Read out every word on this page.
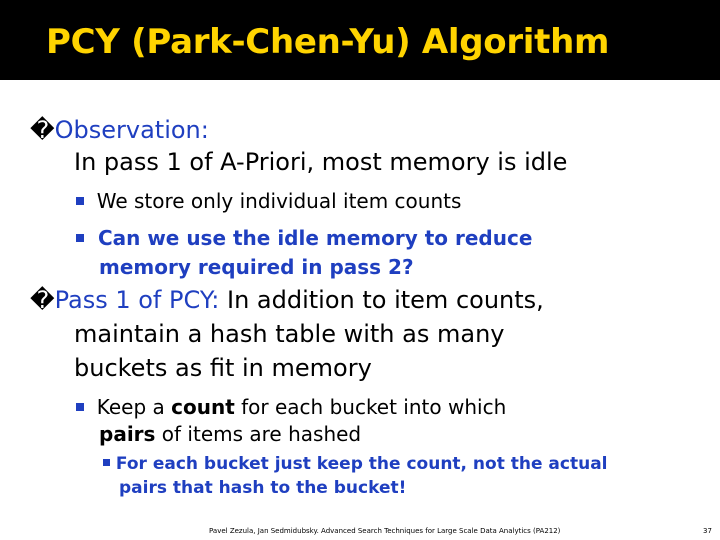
PCY (Park-Chen-Yu) Algorithm
�Observation:
In pass 1 of A-Priori, most memory is idle
We store only individual item counts
Can we use the idle memory to reduce
memory required in pass 2?
�Pass 1 of PCY: In addition to item counts,
maintain a hash table with as many
buckets as fit in memory
Keep a count for each bucket into which
pairs of items are hashed
For each bucket just keep the count, not the actual
pairs that hash to the bucket!
Pavel Zezula, Jan Sedmidubsky. Advanced Search Techniques for Large Scale Data Analytics (PA212)	37
